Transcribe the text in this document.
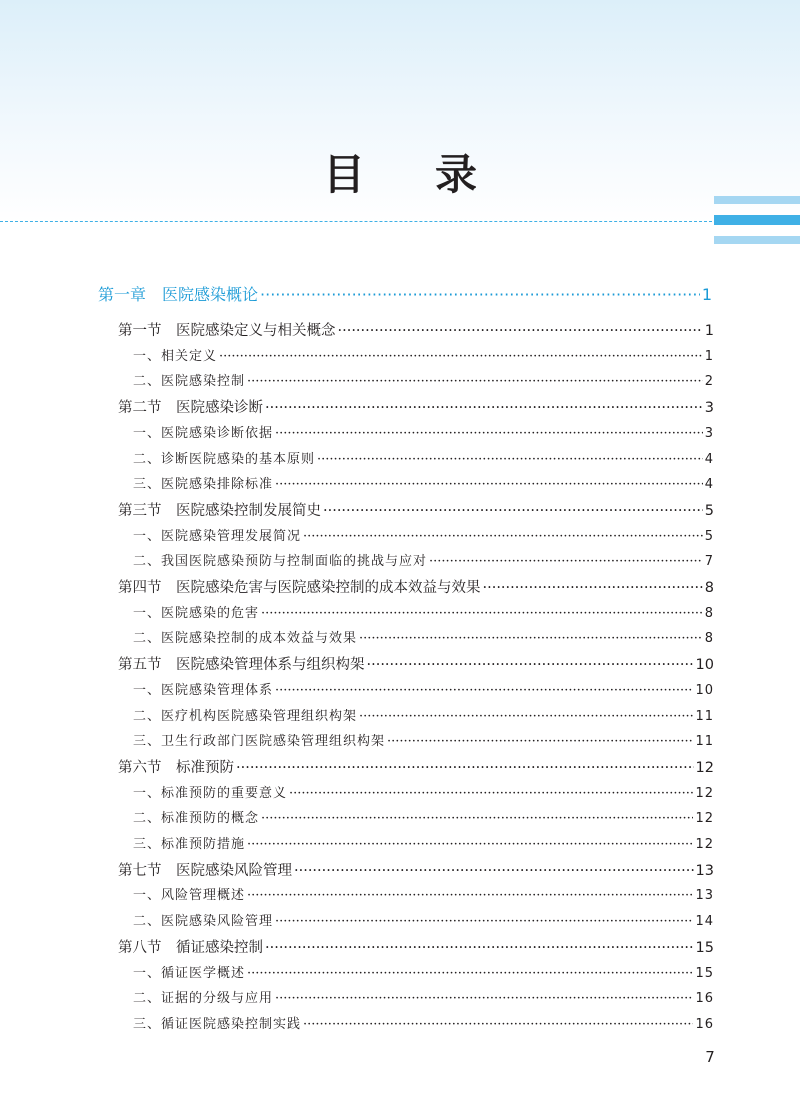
目 录
第一章　医院感染概论 ·····	1
第一节　医院感染定义与相关概念 ·····	1
一、相关定义 ·····	1
二、医院感染控制 ·····	2
第二节　医院感染诊断 ·····	3
一、医院感染诊断依据 ·····	3
二、诊断医院感染的基本原则 ·····	4
三、医院感染排除标准 ·····	4
第三节　医院感染控制发展简史 ·····	5
一、医院感染管理发展简况 ·····	5
二、我国医院感染预防与控制面临的挑战与应对 ·····	7
第四节　医院感染危害与医院感染控制的成本效益与效果 ·····	8
一、医院感染的危害 ·····	8
二、医院感染控制的成本效益与效果 ·····	8
第五节　医院感染管理体系与组织构架 ·····	10
一、医院感染管理体系 ·····	10
二、医疗机构医院感染管理组织构架 ·····	11
三、卫生行政部门医院感染管理组织构架 ·····	11
第六节　标准预防 ·····	12
一、标准预防的重要意义 ·····	12
二、标准预防的概念 ·····	12
三、标准预防措施 ·····	12
第七节　医院感染风险管理 ·····	13
一、风险管理概述 ·····	13
二、医院感染风险管理 ·····	14
第八节　循证感染控制 ·····	15
一、循证医学概述 ·····	15
二、证据的分级与应用 ·····	16
三、循证医院感染控制实践 ·····	16
7
